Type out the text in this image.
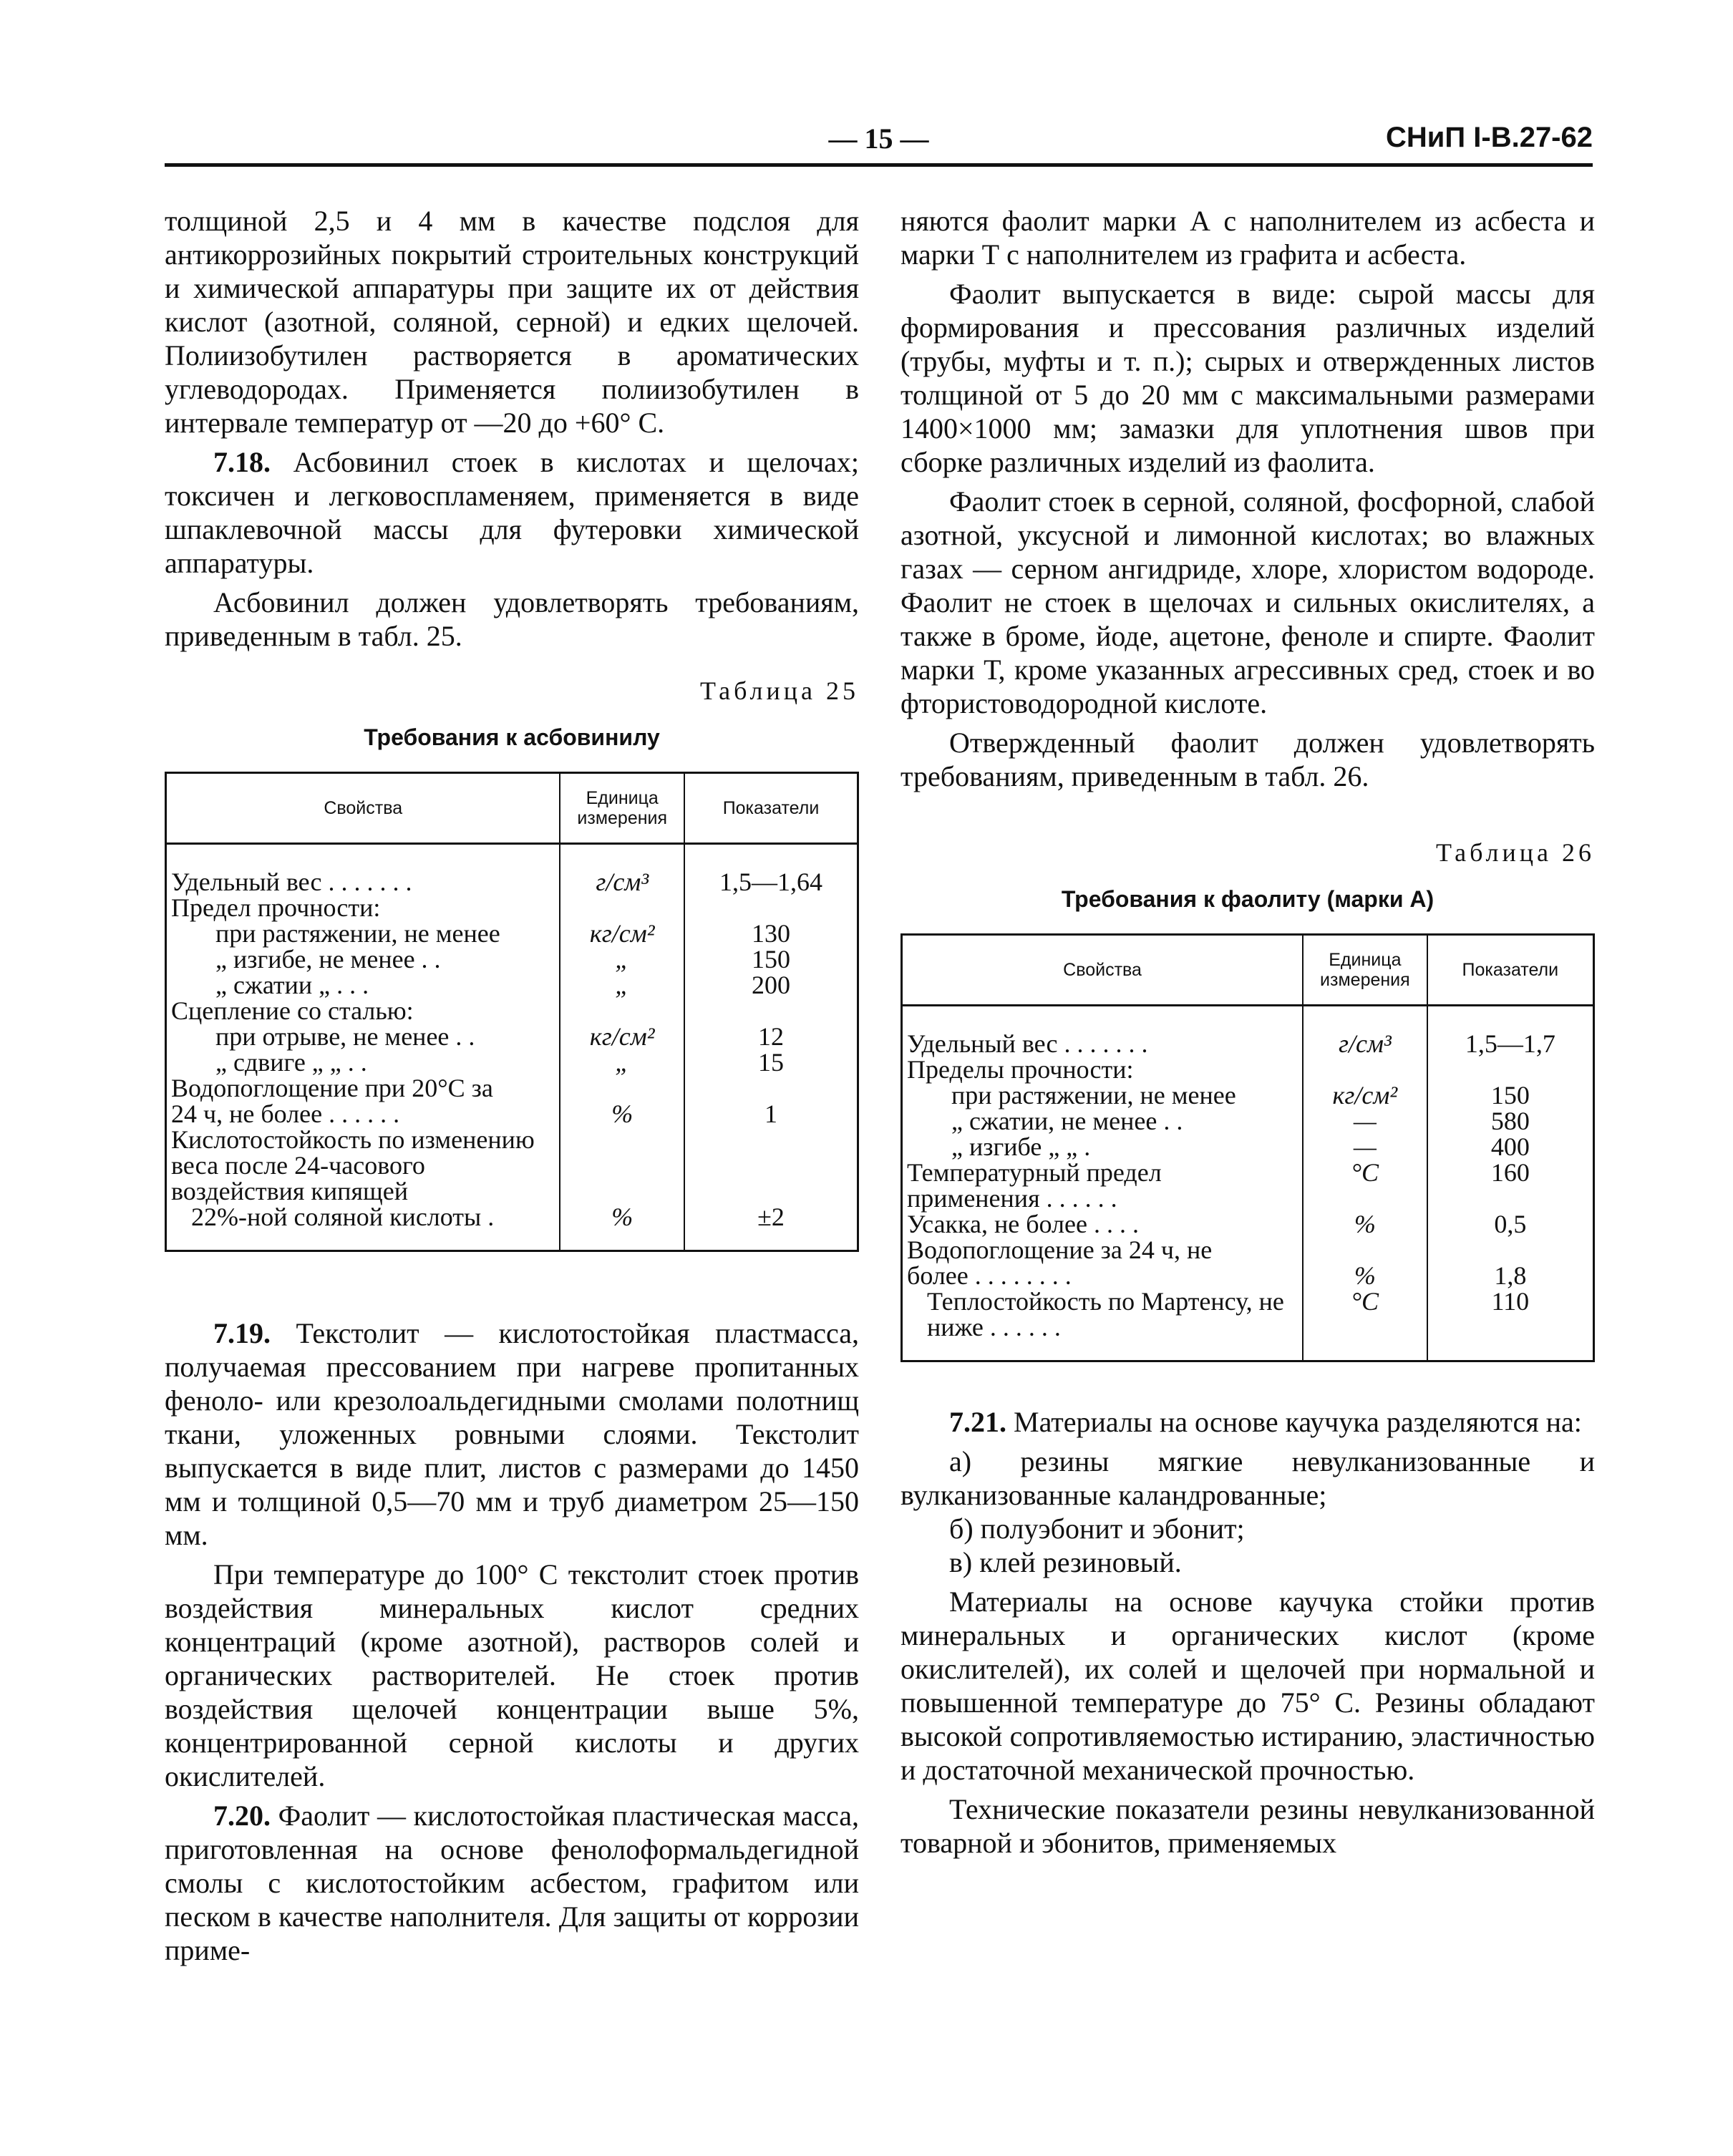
— 15 —	СНиП I-В.27-62

толщиной 2,5 и 4 мм в качестве подслоя для антикоррозийных покрытий строительных конструкций и химической аппаратуры при защите их от действия кислот (азотной, соляной, серной) и едких щелочей. Полиизобутилен растворяется в ароматических углеводородах. Применяется полиизобутилен в интервале температур от —20 до +60° С.

7.18. Асбовинил стоек в кислотах и щелочах; токсичен и легковоспламеняем, применяется в виде шпаклевочной массы для футеровки химической аппаратуры.

Асбовинил должен удовлетворять требованиям, приведенным в табл. 25.

Таблица 25
Требования к асбовинилу
Свойства	Единица измерения	Показатели
Удельный вес . . . . . . .	г/см³	1,5—1,64
Предел прочности:		
при растяжении, не менее	кг/см²	130
„ изгибе, не менее . .	„	150
„ сжатии „ . . .	„	200
Сцепление со сталью:		
при отрыве, не менее . .	кг/см²	12
„ сдвиге „ „ . .	„	15
Водопоглощение при 20°С за		
24 ч, не более . . . . . .	%	1
Кислотостойкость по изменению веса после 24-часового воздействия кипящей		
22%-ной соляной кислоты .	%	±2

7.19. Текстолит — кислотостойкая пластмасса, получаемая прессованием при нагреве пропитанных феноло- или крезолоальдегидными смолами полотнищ ткани, уложенных ровными слоями. Текстолит выпускается в виде плит, листов с размерами до 1450 мм и толщиной 0,5—70 мм и труб диаметром 25—150 мм.

При температуре до 100° С текстолит стоек против воздействия минеральных кислот средних концентраций (кроме азотной), растворов солей и органических растворителей. Не стоек против воздействия щелочей концентрации выше 5%, концентрированной серной кислоты и других окислителей.

7.20. Фаолит — кислотостойкая пластическая масса, приготовленная на основе фенолоформальдегидной смолы с кислотостойким асбестом, графитом или песком в качестве наполнителя. Для защиты от коррозии приме-

няются фаолит марки А с наполнителем из асбеста и марки Т с наполнителем из графита и асбеста.

Фаолит выпускается в виде: сырой массы для формирования и прессования различных изделий (трубы, муфты и т. п.); сырых и отвержденных листов толщиной от 5 до 20 мм с максимальными размерами 1400×1000 мм; замазки для уплотнения швов при сборке различных изделий из фаолита.

Фаолит стоек в серной, соляной, фосфорной, слабой азотной, уксусной и лимонной кислотах; во влажных газах — серном ангидриде, хлоре, хлористом водороде. Фаолит не стоек в щелочах и сильных окислителях, а также в броме, йоде, ацетоне, феноле и спирте. Фаолит марки Т, кроме указанных агрессивных сред, стоек и во фтористоводородной кислоте.

Отвержденный фаолит должен удовлетворять требованиям, приведенным в табл. 26.

Таблица 26
Требования к фаолиту (марки А)
Свойства	Единица измерения	Показатели
Удельный вес . . . . . . .	г/см³	1,5—1,7
Пределы прочности:		
при растяжении, не менее	кг/см²	150
„ сжатии, не менее . .	—	580
„ изгибе „ „ .	—	400
Температурный предел применения . . . . . .	°С	160
Усакка, не более . . . .	%	0,5
Водопоглощение за 24 ч, не		
более . . . . . . . .	%	1,8
Теплостойкость по Мартенсу, не ниже . . . . . .	°С	110

7.21. Материалы на основе каучука разделяются на:

а) резины мягкие невулканизованные и вулканизованные каландрованные;

б) полуэбонит и эбонит;

в) клей резиновый.

Материалы на основе каучука стойки против минеральных и органических кислот (кроме окислителей), их солей и щелочей при нормальной и повышенной температуре до 75° С. Резины обладают высокой сопротивляемостью истиранию, эластичностью и достаточной механической прочностью.

Технические показатели резины невулканизованной товарной и эбонитов, применяемых
